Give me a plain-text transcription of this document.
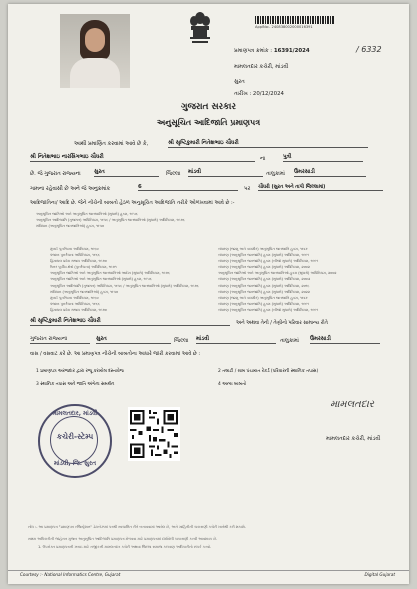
ApplNo:- 240838002000016391
પ્રમાણપત્ર ક્રમાંક : 16391/2024	/ 6332
મામલતદાર કચેરી, માંડવી
સુરત
તારીખ : 20/12/2024
ગુજરાત સરકાર
અનુસૂચિત આદિજાતિ પ્રમાણપત્ર
આથી પ્રમાણિત કરવામાં આવે છે કે,	શ્રી સૃષ્ટિકુમારી નિતેશભાઇ ચૌધરી
શ્રી નિતેશભાઇ નારસિંગભાઇ ચૌધરી	ના	પુત્રી
છે. જે ગુજરાત રાજ્યના સુરત	જિલ્લા માંડવી	તાલુકામાં ઉમરસાડી
ગામના રહેવાસી છે અને જે અનુક્રમાંક	6	પર ચૌધરી (સુરત અને તાપી જિલ્લામાં)
આદિજાતિના/ આદિ છે. જેને નીચેની બાબતો હેઠળ અનુસૂચિત આદિજાતિ તરીકે ઓળખવામાં આવે છે :-
અનુસૂચિત જાતિઓ અને અનુસૂચિત જનજાતિઓ (સુધારો) હુકમ, ૧૯૫૬
અનુસૂચિત આદિજાતિ (ગુજરાત) અધિનિયમ, ૧૯૫૬ / અનુસૂચિત જનજાતિઓ (સુધારો) અધિનિયમ, ૧૯૭૬
સંવિધાન (અનુસૂચિત જનજાતિઓ) હુકમ, ૧૯૫૦
મુંબઈ પુનર્રચના અધિનિયમ, ૧૯૬૦
પંજાબ પુનર્રચના અધિનિયમ, ૧૯૬૬
હિમાચલ પ્રદેશ રાજ્ય અધિનિયમ, ૧૯૭૦
ઉત્તર પૂર્વીય ક્ષેત્રો (પુનર્રચના) અધિનિયમ, ૧૯૭૧
અનુસૂચિત જાતિઓ અને અનુસૂચિત જનજાતિઓ આદેશ (સુધારો) અધિનિયમ, ૧૯૭૬
અનુસૂચિત જાતિઓ અને અનુસૂચિત જનજાતિઓ (સુધારો) હુકમ, ૧૯૫૬
અનુસૂચિત આદિજાતિ (ગુજરાત) અધિનિયમ, ૧૯૫૬ / અનુસૂચિત જનજાતિઓ (સુધારો) અધિનિયમ, ૧૯૭૬
સંવિધાન (અનુસૂચિત જનજાતિઓ) હુકમ, ૧૯૫૦
મુંબઈ પુનર્રચના અધિનિયમ, ૧૯૬૦
પંજાબ પુનર્રચના અધિનિયમ, ૧૯૬૬
હિમાચલ પ્રદેશ રાજ્ય અધિનિયમ, ૧૯૭૦
બંધારણ (જમ્મુ અને કાશ્મીર) અનુસૂચિત જનજાતિ હુકમ, ૧૯૮૯
બંધારણ (અનુસૂચિત જનજાતિ) હુકમ (સુધારો) અધિનિયમ, ૧૯૯૧
બંધારણ (અનુસૂચિત જનજાતિ) હુકમ (બીજો સુધારો) અધિનિયમ, ૧૯૯૧
બંધારણ (અનુસૂચિત જનજાતિ) હુકમ (સુધારો) અધિનિયમ, ૨૦૦૨
અનુસૂચિત જાતિઓ અને અનુસૂચિત જનજાતિઓ હુકમ (સુધારો) અધિનિયમ, ૨૦૦૨
બંધારણ (અનુસૂચિત જનજાતિ) હુકમ (સુધારો) અધિનિયમ, ૨૦૦૩
બંધારણ (અનુસૂચિત જનજાતિ) હુકમ (સુધારો) અધિનિયમ, ૨૦૧૬
બંધારણ (અનુસૂચિત જનજાતિ) હુકમ (સુધારો) અધિનિયમ, ૨૦૨૨
બંધારણ (જમ્મુ અને કાશ્મીર) અનુસૂચિત જનજાતિ હુકમ, ૧૯૮૯
બંધારણ (અનુસૂચિત જનજાતિ) હુકમ (સુધારો) અધિનિયમ, ૧૯૯૧
બંધારણ (અનુસૂચિત જનજાતિ) હુકમ (બીજો સુધારો) અધિનિયમ, ૧૯૯૧
શ્રી સૃષ્ટિકુમારી નિતેશભાઇ ચૌધરી	અને અથવા તેની / તેણીનો પરિવાર સામાન્ય રીતે
ગુજરાત રાજ્યના	સુરત	જિલ્લા માંડવી	તાલુકામાં ઉમરસાડી
વાસ / વસવાટ કરે છે. આ પ્રમાણપત્ર નીચેની બાબતોના આધારે જારી કરવામાં આવે છે :
1 પ્રમાણપત્ર અરજદાર દ્વારા રજૂ કરાયેલ દસ્તાવેજ	2 તલાટી / ગ્રામ પંચાયત રેકર્ડ (પરિવારની સ્થાનિક તપાસ)
3 સ્થાનિક તપાસ અને જાતિ અંગેના સમર્થન	4 અન્ય બાબતો
મામલતદાર, માંડવી
કચેરી-સ્ટેમ્પ
માંડવી, જિ. સુરત
મામલતદાર
મામલતદાર કચેરી, માંડવી
નોંધ :- આ પ્રમાણપત્ર "પ્રમાણપત્ર રજિસ્ટ્રેશન" ડેટાબેઝમાં પરથી સ્વચાલિત રીતે બનાવવામાં આવેલ છે, અને માહિતીની ચકાસણી કચેરી ખાતેથી કરી શકાશે.
સક્ષમ અધિકારીની જાહેરાત મુજબ અનુસૂચિત આદિજાતિ પ્રમાણપત્ર મેળવવા માટે પ્રમાણપત્રમાં દર્શાવેલી ચકાસણી કરવી આવશ્યક છે.
1. ઉપરોક્ત પ્રમાણપત્રની ખરાઇ માટે નજીકની મામલતદાર કચેરી અથવા જિલ્લા સમાજ કલ્યાણ અધિકારીનો સંપર્ક કરવો.
Courtesy :- National Informatics Centre, Gujarat	Digital Gujarat
